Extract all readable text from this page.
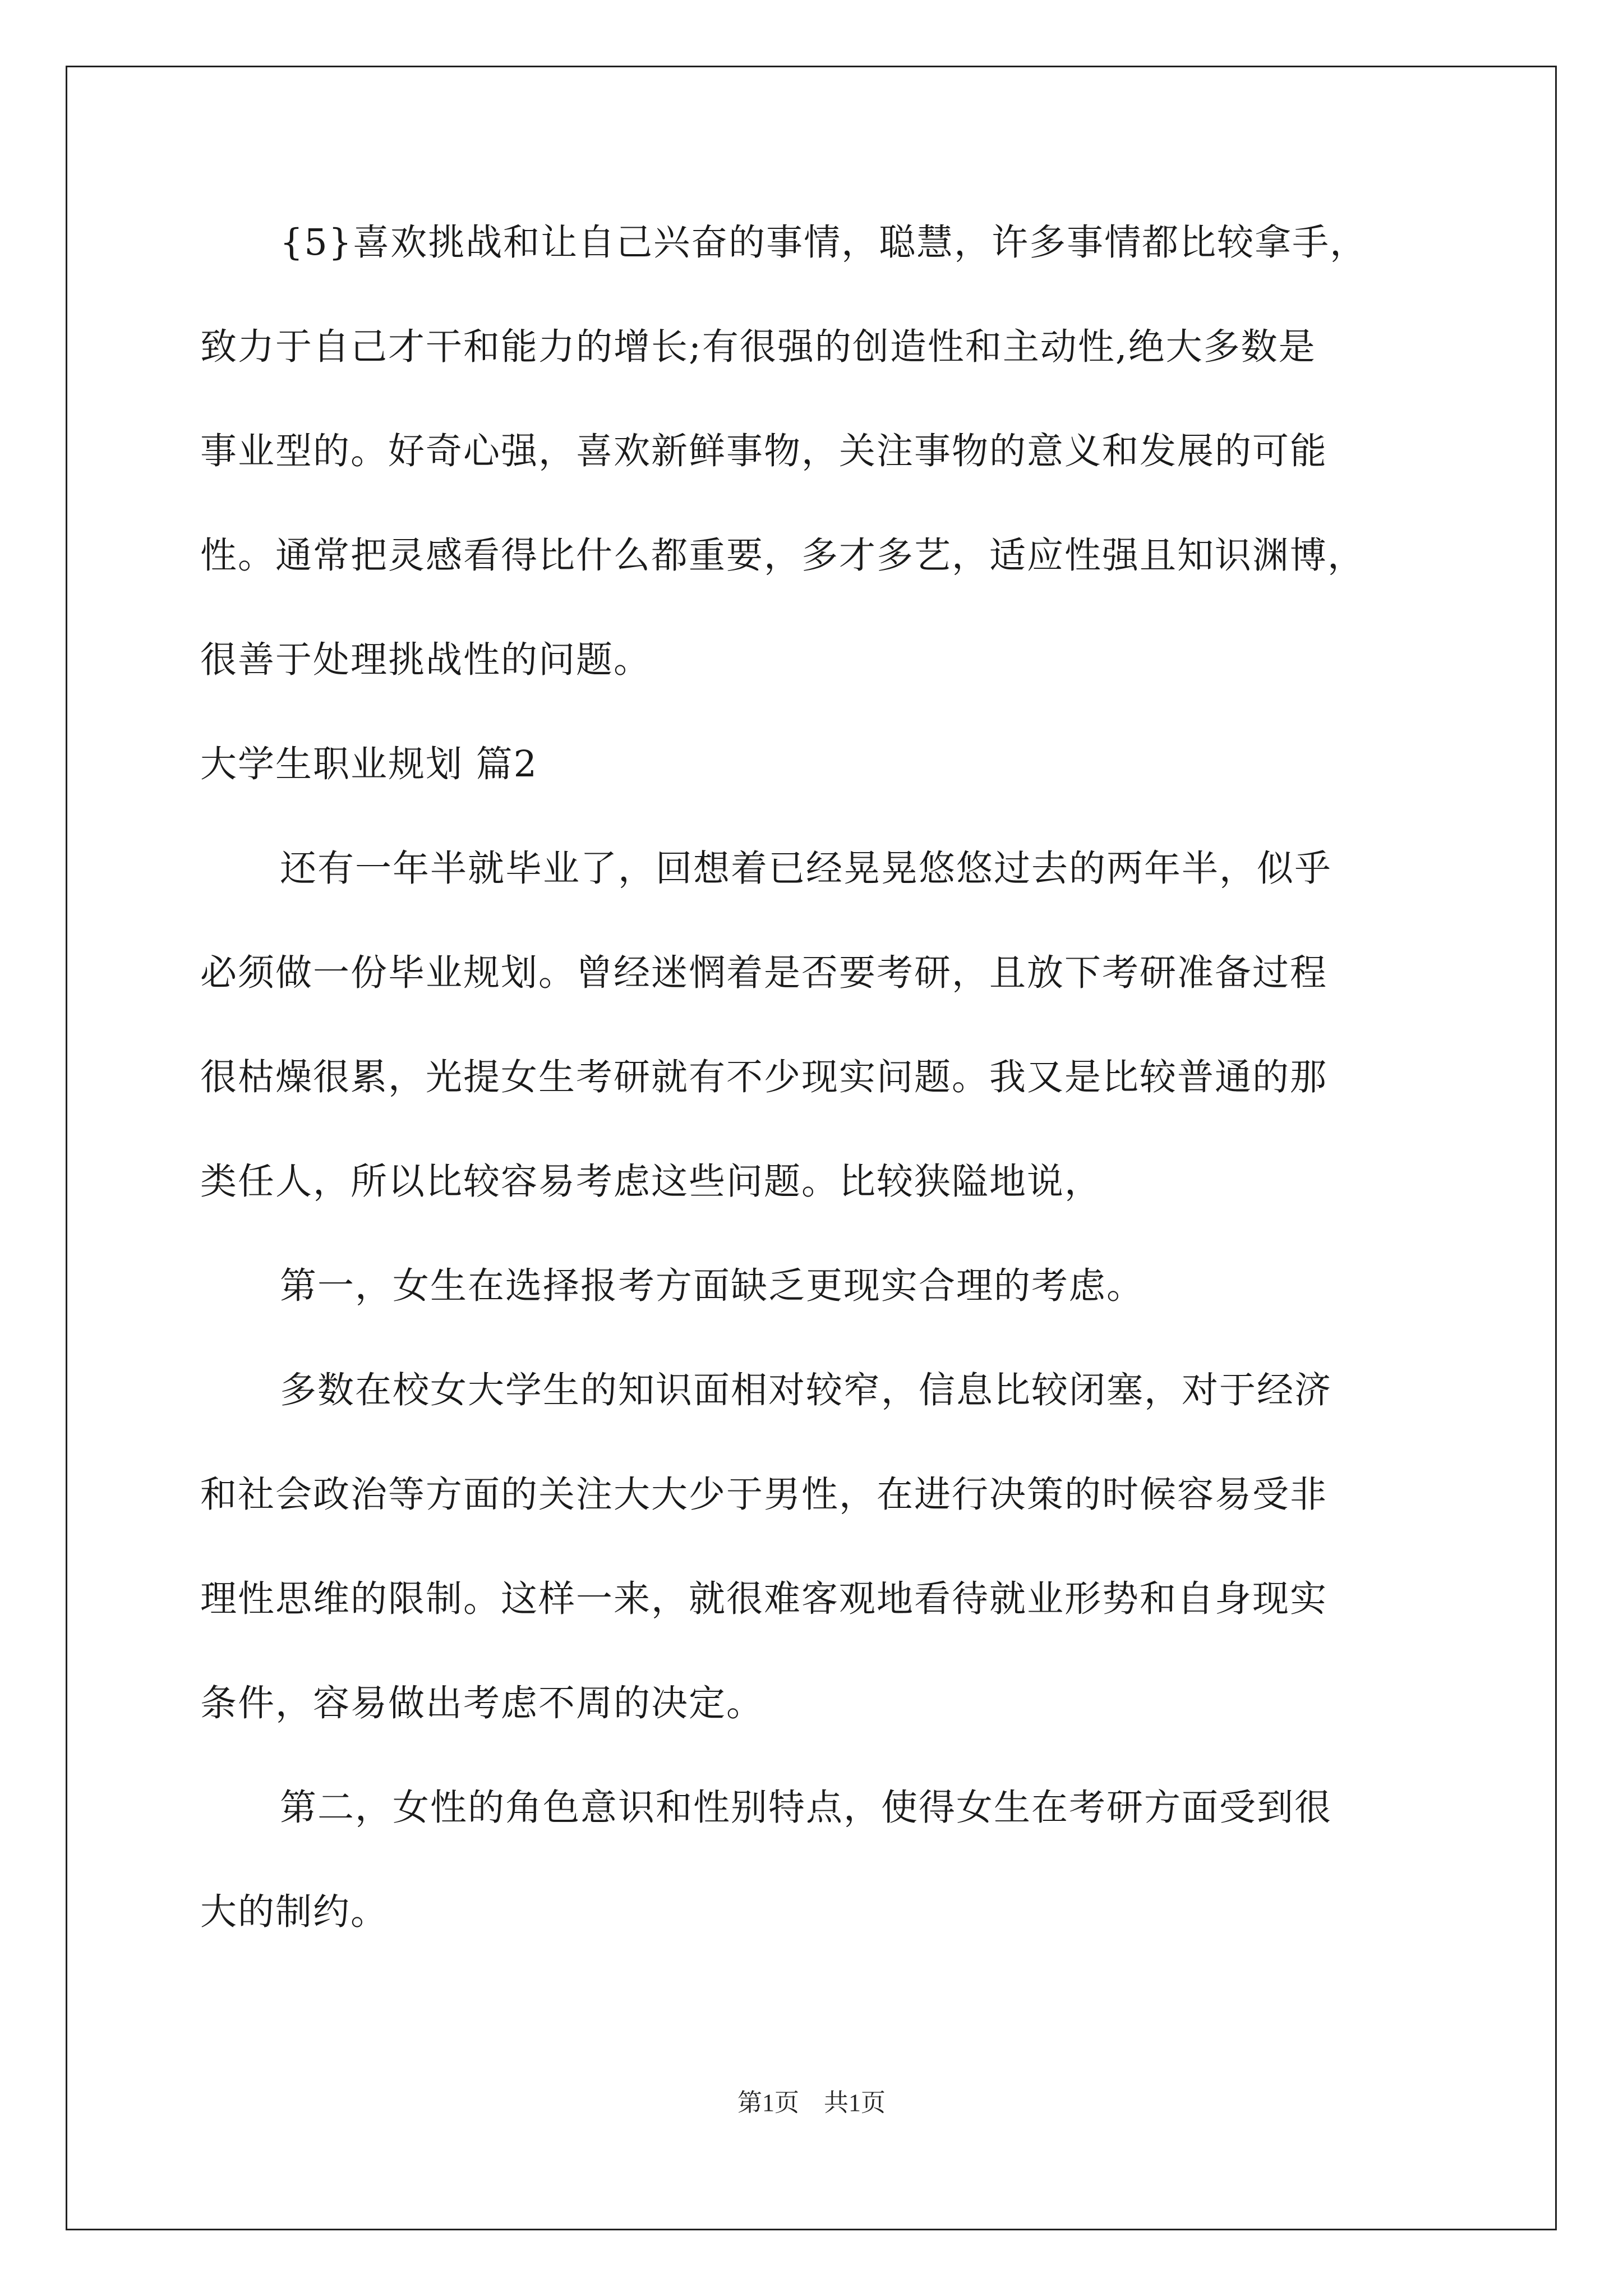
{5}喜欢挑战和让自己兴奋的事情，聪慧，许多事情都比较拿手，

致力于自己才干和能力的增长;有很强的创造性和主动性,绝大多数是

事业型的。好奇心强，喜欢新鲜事物，关注事物的意义和发展的可能

性。通常把灵感看得比什么都重要，多才多艺，适应性强且知识渊博，

很善于处理挑战性的问题。

大学生职业规划 篇2

还有一年半就毕业了，回想着已经晃晃悠悠过去的两年半，似乎

必须做一份毕业规划。曾经迷惘着是否要考研，且放下考研准备过程

很枯燥很累，光提女生考研就有不少现实问题。我又是比较普通的那

类任人，所以比较容易考虑这些问题。比较狭隘地说，

第一，女生在选择报考方面缺乏更现实合理的考虑。

多数在校女大学生的知识面相对较窄，信息比较闭塞，对于经济

和社会政治等方面的关注大大少于男性，在进行决策的时候容易受非

理性思维的限制。这样一来，就很难客观地看待就业形势和自身现实

条件，容易做出考虑不周的决定。

第二，女性的角色意识和性别特点，使得女生在考研方面受到很

大的制约。

第1页　共1页
